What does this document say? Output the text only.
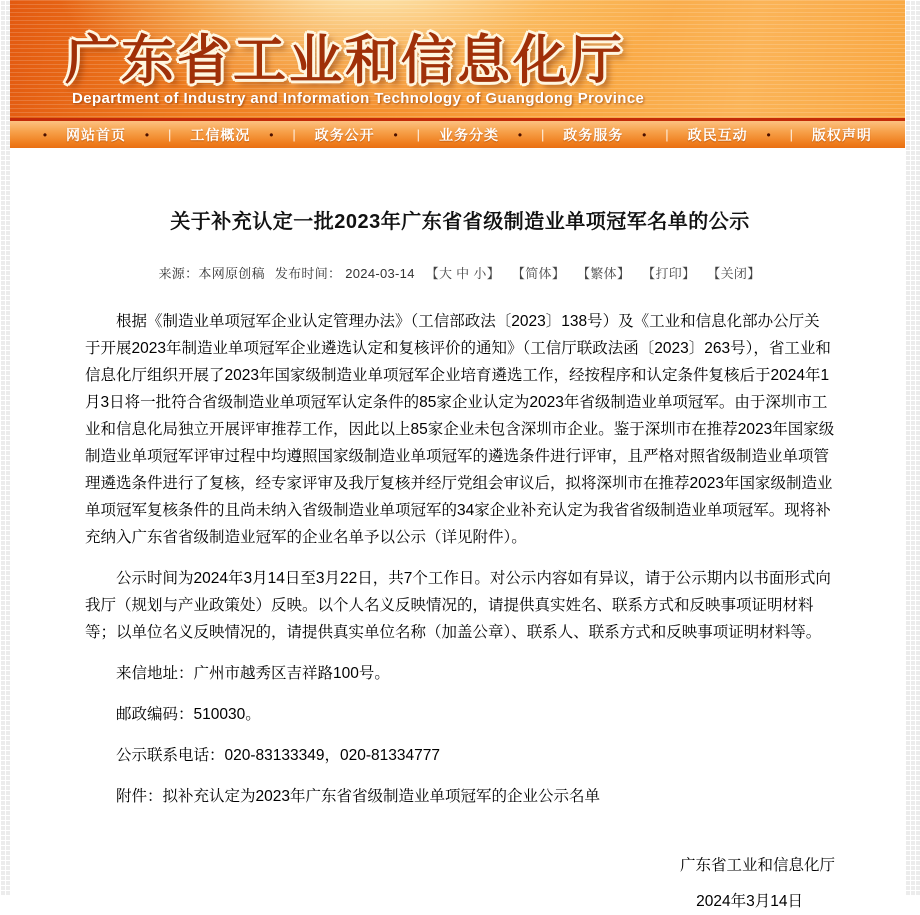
广东省工业和信息化厅
Department of Industry and Information Technology of Guangdong Province
• 网站首页 • | 工信概况 • | 政务公开 • | 业务分类 • | 政务服务 • | 政民互动 • | 版权声明
关于补充认定一批2023年广东省省级制造业单项冠军名单的公示
来源：本网原创稿 发布时间： 2024-03-14 【大 中 小】 【简体】 【繁体】 【打印】 【关闭】

根据《制造业单项冠军企业认定管理办法》（工信部政法〔2023〕138号）及《工业和信息化部办公厅关于开展2023年制造业单项冠军企业遴选认定和复核评价的通知》（工信厅联政法函〔2023〕263号），省工业和信息化厅组织开展了2023年国家级制造业单项冠军企业培育遴选工作，经按程序和认定条件复核后于2024年1月3日将一批符合省级制造业单项冠军认定条件的85家企业认定为2023年省级制造业单项冠军。由于深圳市工业和信息化局独立开展评审推荐工作，因此以上85家企业未包含深圳市企业。鉴于深圳市在推荐2023年国家级制造业单项冠军评审过程中均遵照国家级制造业单项冠军的遴选条件进行评审，且严格对照省级制造业单项管理遴选条件进行了复核，经专家评审及我厅复核并经厅党组会审议后，拟将深圳市在推荐2023年国家级制造业单项冠军复核条件的且尚未纳入省级制造业单项冠军的34家企业补充认定为我省省级制造业单项冠军。现将补充纳入广东省省级制造业冠军的企业名单予以公示（详见附件）。

公示时间为2024年3月14日至3月22日，共7个工作日。对公示内容如有异议，请于公示期内以书面形式向我厅（规划与产业政策处）反映。以个人名义反映情况的，请提供真实姓名、联系方式和反映事项证明材料等；以单位名义反映情况的，请提供真实单位名称（加盖公章）、联系人、联系方式和反映事项证明材料等。

来信地址：广州市越秀区吉祥路100号。

邮政编码：510030。

公示联系电话：020-83133349，020-81334777

附件：拟补充认定为2023年广东省省级制造业单项冠军的企业公示名单

广东省工业和信息化厅
2024年3月14日
